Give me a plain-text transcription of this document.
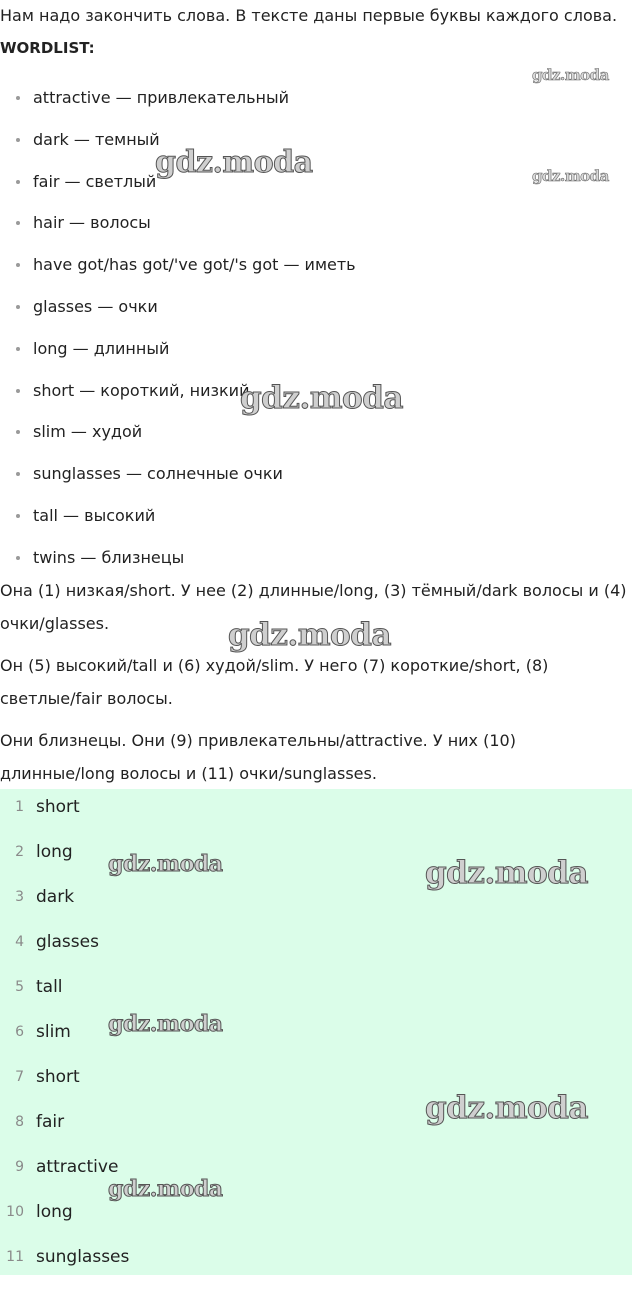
Нам надо закончить слова. В тексте даны первые буквы каждого слова.
WORDLIST:
attractive — привлекательный
dark — темный
fair — светлый
hair — волосы
have got/has got/'ve got/'s got — иметь
glasses — очки
long — длинный
short — короткий, низкий
slim — худой
sunglasses — солнечные очки
tall — высокий
twins — близнецы
Она (1) низкая/short. У нее (2) длинные/long, (3) тёмный/dark волосы и (4) очки/glasses.
Он (5) высокий/tall и (6) худой/slim. У него (7) короткие/short, (8) светлые/fair волосы.
Они близнецы. Они (9) привлекательны/attractive. У них (10) длинные/long волосы и (11) очки/sunglasses.
1 short
2 long
3 dark
4 glasses
5 tall
6 slim
7 short
8 fair
9 attractive
10 long
11 sunglasses
gdz.moda
gdz.moda	gdz.moda
gdz.moda
gdz.moda
gdz.moda	gdz.moda
gdz.moda
gdz.moda
gdz.moda
